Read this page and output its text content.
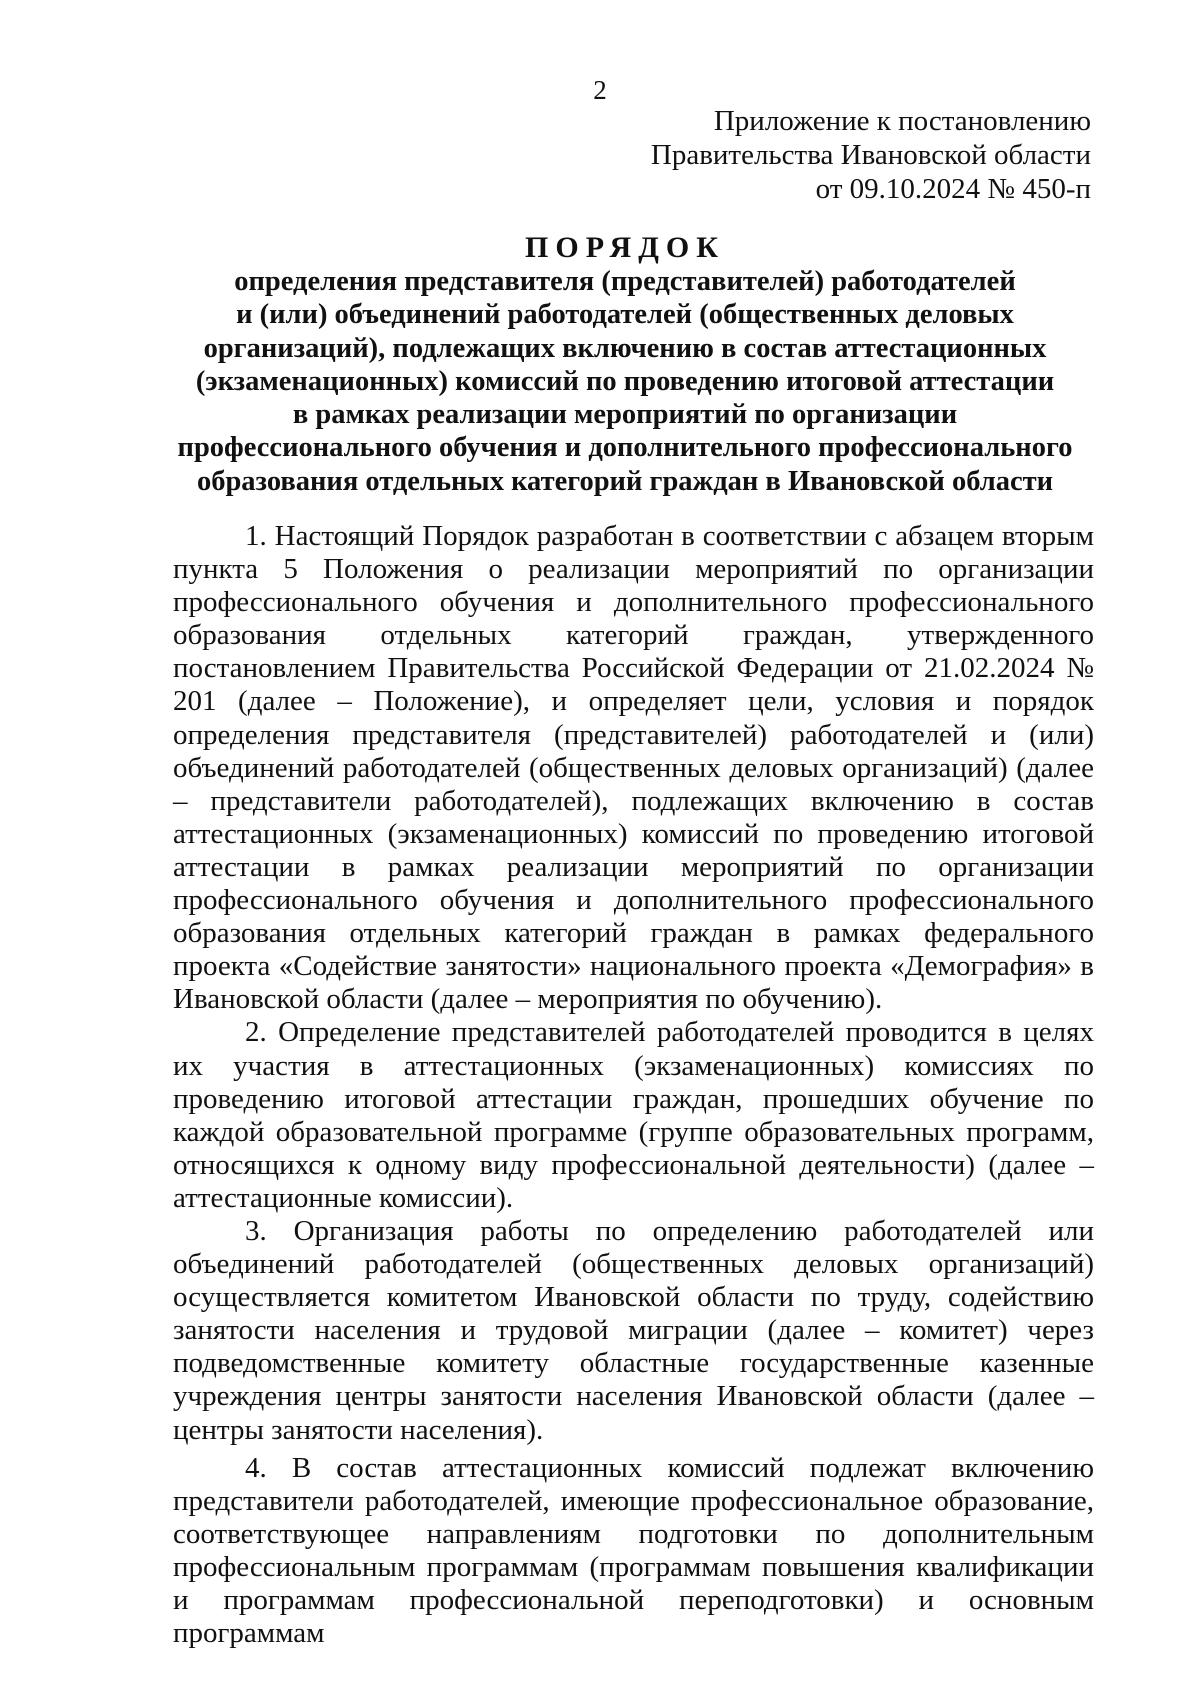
2
Приложение к постановлению
Правительства Ивановской области
от 09.10.2024 № 450-п
ПОРЯДОК
определения представителя (представителей) работодателей
и (или) объединений работодателей (общественных деловых
организаций), подлежащих включению в состав аттестационных
(экзаменационных) комиссий по проведению итоговой аттестации
в рамках реализации мероприятий по организации
профессионального обучения и дополнительного профессионального
образования отдельных категорий граждан в Ивановской области

1. Настоящий Порядок разработан в соответствии с абзацем вторым пункта 5 Положения о реализации мероприятий по организации профессионального обучения и дополнительного профессионального образования отдельных категорий граждан, утвержденного постановлением Правительства Российской Федерации от 21.02.2024 № 201 (далее – Положение), и определяет цели, условия и порядок определения представителя (представителей) работодателей и (или) объединений работодателей (общественных деловых организаций) (далее – представители работодателей), подлежащих включению в состав аттестационных (экзаменационных) комиссий по проведению итоговой аттестации в рамках реализации мероприятий по организации профессионального обучения и дополнительного профессионального образования отдельных категорий граждан в рамках федерального проекта «Содействие занятости» национального проекта «Демография» в Ивановской области (далее – мероприятия по обучению).

2. Определение представителей работодателей проводится в целях их участия в аттестационных (экзаменационных) комиссиях по проведению итоговой аттестации граждан, прошедших обучение по каждой образовательной программе (группе образовательных программ, относящихся к одному виду профессиональной деятельности) (далее – аттестационные комиссии).

3. Организация работы по определению работодателей или объединений работодателей (общественных деловых организаций) осуществляется комитетом Ивановской области по труду, содействию занятости населения и трудовой миграции (далее – комитет) через подведомственные комитету областные государственные казенные учреждения центры занятости населения Ивановской области (далее – центры занятости населения).

4. В состав аттестационных комиссий подлежат включению представители работодателей, имеющие профессиональное образование, соответствующее направлениям подготовки по дополнительным профессиональным программам (программам повышения квалификации и программам профессиональной переподготовки) и основным программам
